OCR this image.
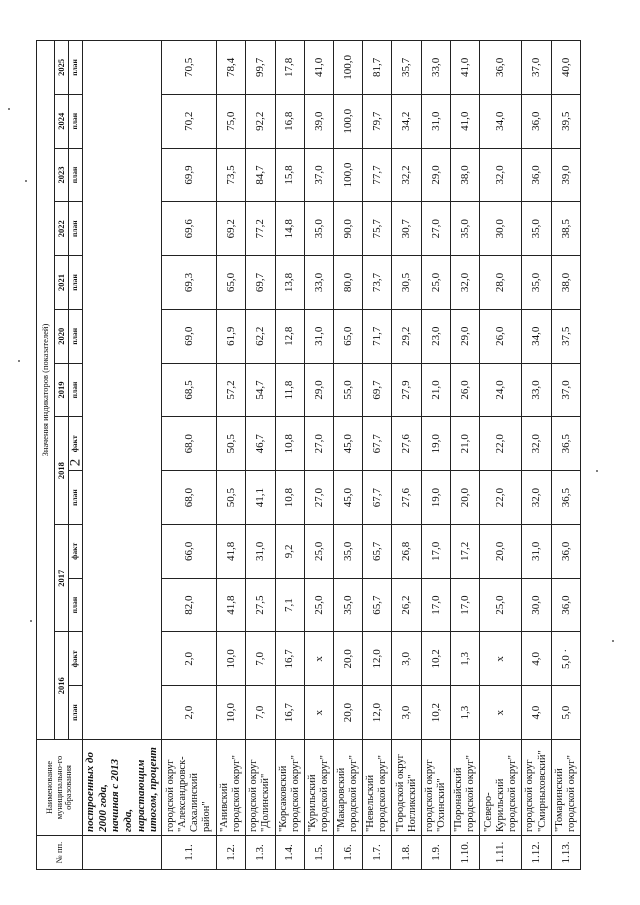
2
№ пп.	Наименование муниципально-го образования	Значения индикаторов (показателей)												
		2016		2017		2018		2019	2020	2021	2022	2023	2024	2025
		план	факт	план	факт	план	факт	план	план	план	план	план	план	план
	построенных до 2000 года, начиная с 2013 года, нарастающим итогом, процент													
1.1.	городской округ "Александровск-Сахалинский район"	2,0	2,0	82,0	66,0	68,0	68,0	68,5	69,0	69,3	69,6	69,9	70,2	70,5
1.2.	"Анивский городской округ"	10,0	10,0	41,8	41,8	50,5	50,5	57,2	61,9	65,0	69,2	73,5	75,0	78,4
1.3.	городской округ "Долинский"	7,0	7,0	27,5	31,0	41,1	46,7	54,7	62,2	69,7	77,2	84,7	92,2	99,7
1.4.	"Корсаковский городской округ"	16,7	16,7	7,1	9,2	10,8	10,8	11,8	12,8	13,8	14,8	15,8	16,8	17,8
1.5.	"Курильский городской округ"	x	x	25,0	25,0	27,0	27,0	29,0	31,0	33,0	35,0	37,0	39,0	41,0
1.6.	"Макаровский городской округ"	20,0	20,0	35,0	35,0	45,0	45,0	55,0	65,0	80,0	90,0	100,0	100,0	100,0
1.7.	"Невельский городской округ"	12,0	12,0	65,7	65,7	67,7	67,7	69,7	71,7	73,7	75,7	77,7	79,7	81,7
1.8.	"Городской округ Ногликский"	3,0	3,0	26,2	26,8	27,6	27,6	27,9	29,2	30,5	30,7	32,2	34,2	35,7
1.9.	городской округ "Охинский"	10,2	10,2	17,0	17,0	19,0	19,0	21,0	23,0	25,0	27,0	29,0	31,0	33,0
1.10.	"Поронайский городской округ"	1,3	1,3	17,0	17,2	20,0	21,0	26,0	29,0	32,0	35,0	38,0	41,0	41,0
1.11.	"Северо-Курильский городской округ"	x	x	25,0	20,0	22,0	22,0	24,0	26,0	28,0	30,0	32,0	34,0	36,0
1.12.	городской округ "Смирныховский"	4,0	4,0	30,0	31,0	32,0	32,0	33,0	34,0	35,0	35,0	36,0	36,0	37,0
1.13.	"Томаринский городской округ"	5,0	5,0 ·	36,0	36,0	36,5	36,5	37,0	37,5	38,0	38,5	39,0	39,5	40,0
